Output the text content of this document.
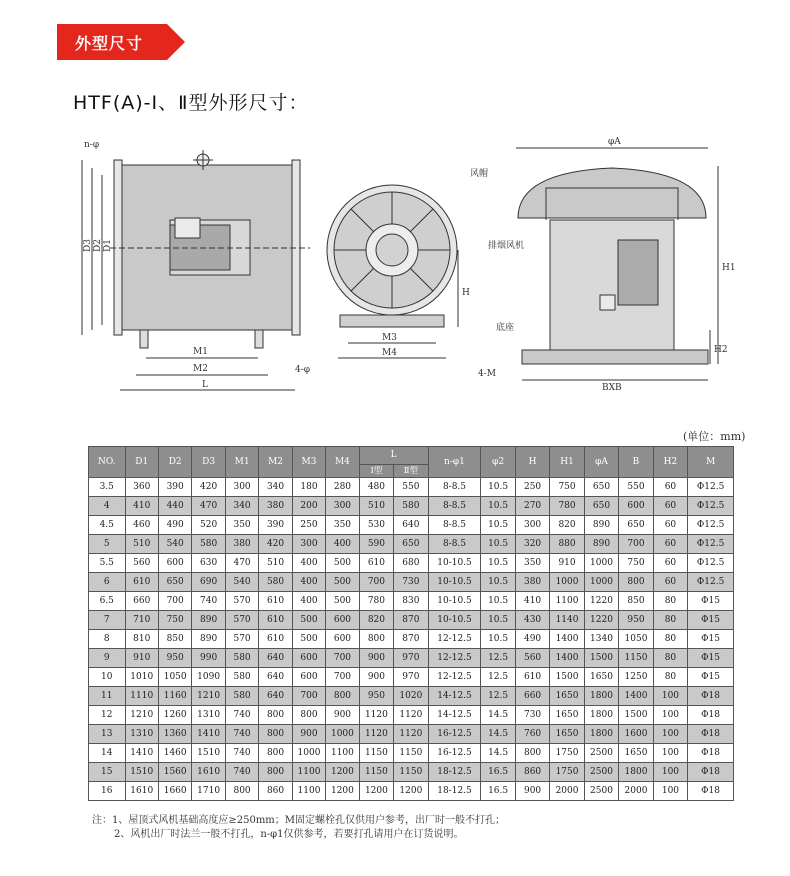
外型尺寸
HTF(A)-Ⅰ、Ⅱ型外形尺寸：
n-φ
D3 D2 D1
M1
M2
L
4-φ
H
M3
M4
φA
风帽
排烟风机
底座
H1
H2
4-M
BXB
(单位：mm)
NO.	D1	D2	D3	M1	M2	M3	M4	L		n-φ1	φ2	H	H1	φA	B	H2	M
								Ⅰ型	Ⅱ型								
3.5	360	390	420	300	340	180	280	480	550	8-8.5	10.5	250	750	650	550	60	Φ12.5
4	410	440	470	340	380	200	300	510	580	8-8.5	10.5	270	780	650	600	60	Φ12.5
4.5	460	490	520	350	390	250	350	530	640	8-8.5	10.5	300	820	890	650	60	Φ12.5
5	510	540	580	380	420	300	400	590	650	8-8.5	10.5	320	880	890	700	60	Φ12.5
5.5	560	600	630	470	510	400	500	610	680	10-10.5	10.5	350	910	1000	750	60	Φ12.5
6	610	650	690	540	580	400	500	700	730	10-10.5	10.5	380	1000	1000	800	60	Φ12.5
6.5	660	700	740	570	610	400	500	780	830	10-10.5	10.5	410	1100	1220	850	80	Φ15
7	710	750	890	570	610	500	600	820	870	10-10.5	10.5	430	1140	1220	950	80	Φ15
8	810	850	890	570	610	500	600	800	870	12-12.5	10.5	490	1400	1340	1050	80	Φ15
9	910	950	990	580	640	600	700	900	970	12-12.5	12.5	560	1400	1500	1150	80	Φ15
10	1010	1050	1090	580	640	600	700	900	970	12-12.5	12.5	610	1500	1650	1250	80	Φ15
11	1110	1160	1210	580	640	700	800	950	1020	14-12.5	12.5	660	1650	1800	1400	100	Φ18
12	1210	1260	1310	740	800	800	900	1120	1120	14-12.5	14.5	730	1650	1800	1500	100	Φ18
13	1310	1360	1410	740	800	900	1000	1120	1120	16-12.5	14.5	760	1650	1800	1600	100	Φ18
14	1410	1460	1510	740	800	1000	1100	1150	1150	16-12.5	14.5	800	1750	2500	1650	100	Φ18
15	1510	1560	1610	740	800	1100	1200	1150	1150	18-12.5	16.5	860	1750	2500	1800	100	Φ18
16	1610	1660	1710	800	860	1100	1200	1200	1200	18-12.5	16.5	900	2000	2500	2000	100	Φ18
注：1、屋顶式风机基础高度应≥250mm；M固定螺栓孔仅供用户参考，出厂时一般不打孔；
2、风机出厂时法兰一般不打孔，n-φ1仅供参考，若要打孔请用户在订货说明。
